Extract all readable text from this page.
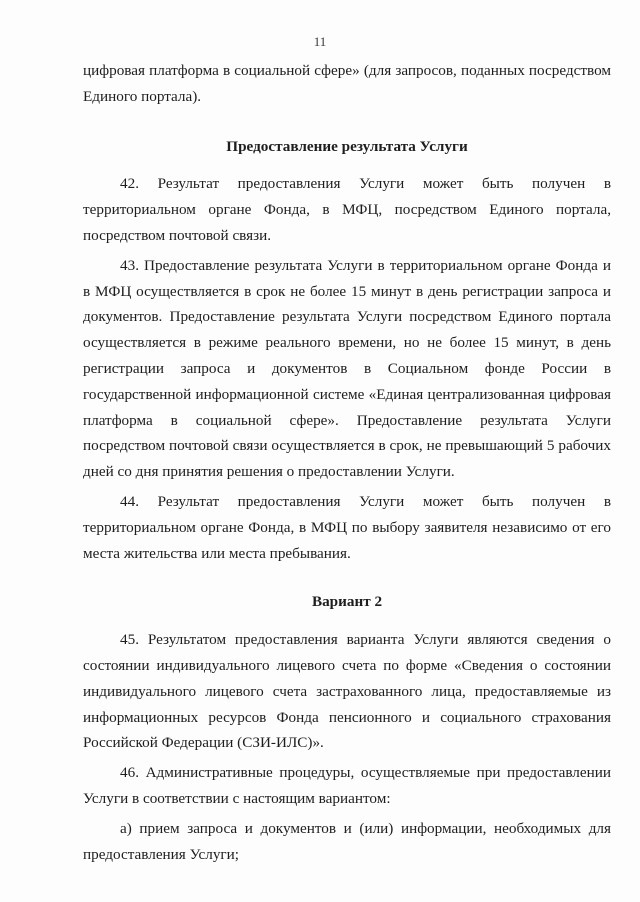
11

цифровая платформа в социальной сфере» (для запросов, поданных посредством Единого портала).

Предоставление результата Услуги

42. Результат предоставления Услуги может быть получен в территориальном органе Фонда, в МФЦ, посредством Единого портала, посредством почтовой связи.

43. Предоставление результата Услуги в территориальном органе Фонда и в МФЦ осуществляется в срок не более 15 минут в день регистрации запроса и документов. Предоставление результата Услуги посредством Единого портала осуществляется в режиме реального времени, но не более 15 минут, в день регистрации запроса и документов в Социальном фонде России в государственной информационной системе «Единая централизованная цифровая платформа в социальной сфере». Предоставление результата Услуги посредством почтовой связи осуществляется в срок, не превышающий 5 рабочих дней со дня принятия решения о предоставлении Услуги.

44. Результат предоставления Услуги может быть получен в территориальном органе Фонда, в МФЦ по выбору заявителя независимо от его места жительства или места пребывания.

Вариант 2

45. Результатом предоставления варианта Услуги являются сведения о состоянии индивидуального лицевого счета по форме «Сведения о состоянии индивидуального лицевого счета застрахованного лица, предоставляемые из информационных ресурсов Фонда пенсионного и социального страхования Российской Федерации (СЗИ-ИЛС)».

46. Административные процедуры, осуществляемые при предоставлении Услуги в соответствии с настоящим вариантом:

а) прием запроса и документов и (или) информации, необходимых для предоставления Услуги;
